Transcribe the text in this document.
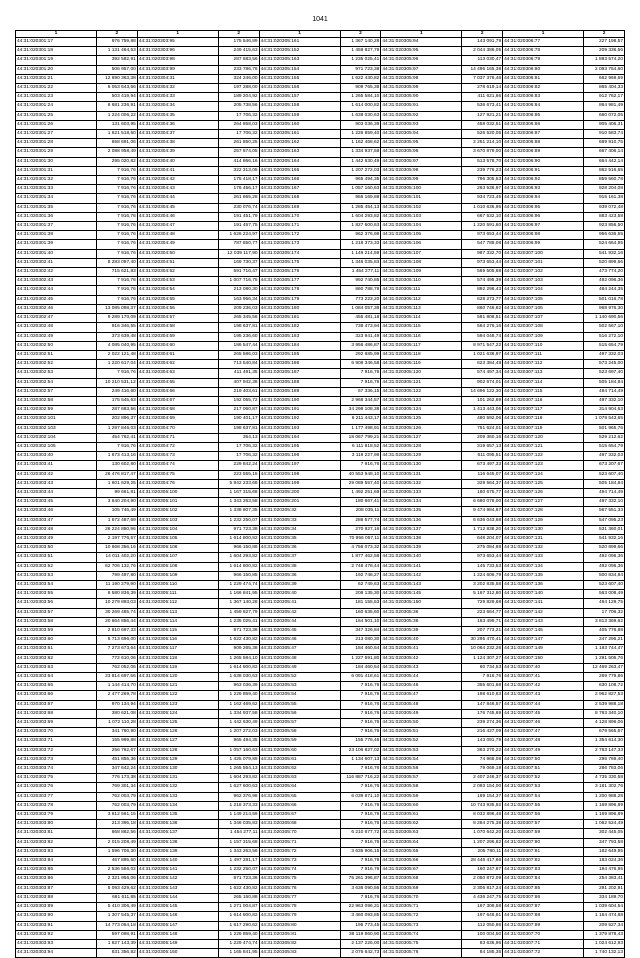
1041
1	2	1	2	1	2	1	2	1	2
44:31:020301:17	976 759,88	44:31:020303:95	175 546,89	44:31:020305:161	1 367 140,28	44:31:020305:94	143 091,79	44:31:020306:77	227 198,57
44:31:020301:18	1 131 464,53	44:31:020303:96	249 415,63	44:31:020305:152	1 459 827,79	44:31:020305:95	2 044 386,05	44:31:020306:78	209 336,56
44:31:020301:19	392 582,91	44:31:020303:98	287 683,56	44:31:020305:163	1 235 025,41	44:31:020305:96	113 030,47	44:31:020306:79	1 893 574,20
44:31:020301:20	506 957,00	44:31:020303:99	233 786,76	44:31:020305:154	971 723,38	44:31:020305:97	14 496 165,38	44:31:020306:80	2 093 754,60
44:31:020301:21	12 690 363,38	44:31:020304:31	324 246,00	44:31:020305:155	1 622 430,82	44:31:020305:98	7 037 376,46	44:31:020306:81	662 969,69
44:31:020301:22	6 053 643,56	44:31:020304:32	197 288,00	44:31:020305:156	909 765,38	44:31:020305:99	278 619,14	44:31:020306:82	865 404,33
44:31:020301:23	503 419,94	44:31:020304:33	189 204,92	44:31:020305:157	1 265 584,10	44:31:020305:90	411 621,66	44:31:020306:83	912 762,17
44:31:020301:24	6 681 236,91	44:31:020304:34	205 738,56	44:31:020305:158	1 614 000,82	44:31:020305:91	536 673,41	44:31:020306:84	864 981,49
44:31:020301:25	1 224 006,22	44:31:020304:35	17 706,32	44:31:020305:159	1 638 030,63	44:31:020305:92	127 921,21	44:31:020306:85	660 072,05
44:31:020301:26	131 603,95	44:31:020304:36	264 858,03	44:31:020305:160	903 036,39	44:31:020305:93	458 032,51	44:31:020306:86	905 406,31
44:31:020301:27	1 621 518,50	44:31:020304:37	17 706,32	44:31:020305:161	1 226 859,40	44:31:020305:94	526 520,05	44:31:020306:87	910 583,74
44:31:020301:28	658 691,06	44:31:020304:38	261 850,25	44:31:020305:162	1 162 468,62	44:31:020305:95	2 251 214,10	44:31:020306:88	689 910,75
44:31:020301:29	2 088 958,49	44:31:020304:39	257 674,05	44:31:020305:163	1 334 937,58	44:31:020305:96	3 670 879,00	44:31:020306:89	667 406,14
44:31:020301:30	295 020,82	44:31:020304:40	414 866,16	44:31:020305:164	1 442 630,49	44:31:020305:97	513 578,70	44:31:020306:90	664 442,14
44:31:020301:31	7 916,76	44:31:020304:41	322 313,05	44:31:020305:165	1 207 272,03	44:31:020305:98	239 776,23	44:31:020306:91	862 516,65
44:31:020301:32	7 916,76	44:31:020304:42	175 418,17	44:31:020305:166	965 494,35	44:31:020305:99	796 305,53	44:31:020306:92	859 560,78
44:31:020301:33	7 916,76	44:31:020304:43	176 456,17	44:31:020305:167	1 057 160,63	44:31:020305:100	263 536,97	44:31:020306:93	928 204,08
44:31:020301:34	7 916,76	44:31:020304:44	261 865,28	44:31:020305:168	956 169,88	44:31:020305:101	934 723,45	44:31:020306:94	915 161,38
44:31:020301:35	7 916,76	44:31:020304:45	230 076,74	44:31:020305:169	1 285 454,13	44:31:020305:102	1 010 636,95	44:31:020306:95	939 072,48
44:31:020301:36	7 916,76	44:31:020304:46	191 451,79	44:31:020305:170	1 604 293,82	44:31:020305:103	667 532,10	44:31:020306:96	883 423,58
44:31:020301:37	7 916,76	44:31:020304:47	191 457,75	44:31:020305:171	1 827 600,63	44:31:020305:104	1 220 591,60	44:31:020306:97	923 856,50
44:31:020301:38	7 916,76	44:31:020304:48	1 626 224,97	44:31:020305:172	962 376,98	44:31:020305:105	973 653,44	44:31:020306:98	956 636,55
44:31:020301:39	7 916,76	44:31:020304:49	787 850,77	44:31:020305:173	1 218 373,33	44:31:020305:106	547 788,08	44:31:020306:99	524 664,95
44:31:020301:40	7 916,76	44:31:020304:50	12 039 117,90	44:31:020305:174	1 149 214,59	44:31:020305:107	987 332,70	44:31:020307:100	541 932,16
44:31:020302:41	8 283 097,40	44:31:020304:51	169 730,37	44:31:020305:175	1 346 035,83	44:31:020305:108	973 653,44	44:31:020307:101	520 899,66
44:31:020302:42	715 621,83	44:31:020304:52	591 716,47	44:31:020305:176	1 454 277,11	44:31:020305:109	569 505,68	44:31:020307:102	473 774,20
44:31:020302:43	7 916,76	44:31:020304:53	1 007 716,75	44:31:020305:177	992 740,85	44:31:020305:110	574 495,39	44:31:020307:103	492 096,36
44:31:020302:44	7 916,76	44:31:020304:54	213 080,30	44:31:020305:178	860 788,78	44:31:020305:111	892 298,43	44:31:020307:104	484 244,35
44:31:020302:45	7 916,76	44:31:020304:55	163 956,34	44:31:020305:179	773 223,20	44:31:020305:112	628 273,77	44:31:020307:105	501 016,78
44:31:020302:46	13 085 098,37	44:31:020304:56	209 236,03	44:31:020305:180	1 084 057,38	44:31:020305:113	860 746,82	44:31:020307:106	968 976,30
44:31:020302:47	9 289 170,09	44:31:020304:57	265 345,56	44:31:020305:181	455 481,18	44:31:020305:114	581 808,51	44:31:020307:107	1 140 690,56
44:31:020302:48	916 346,55	44:31:020304:58	198 637,81	44:31:020305:182	738 473,94	44:31:020305:115	564 276,16	44:31:020307:108	502 567,10
44:31:020302:49	373 639,48	44:31:020304:59	195 236,60	44:31:020305:183	323 941,49	44:31:020305:116	594 048,74	44:31:020307:109	516 272,10
44:31:020302:50	4 085 040,95	44:31:020304:60	186 547,44	44:31:020305:184	3 956 486,87	44:31:020305:117	8 971 547,22	44:31:020307:110	515 654,79
44:31:020302:51	2 022 121,48	44:31:020304:61	265 586,03	44:31:020305:185	292 685,99	44:31:020305:118	1 021 636,97	44:31:020307:111	497 332,03
44:31:020302:52	1 220 617,04	44:31:020304:62	713 540,84	44:31:020305:186	6 908 346,58	44:31:020305:119	623 384,48	44:31:020307:112	573 245,00
44:31:020302:53	7 916,76	44:31:020304:63	411 491,35	44:31:020305:187	7 916,76	44:31:020305:120	574 497,34	44:31:020307:113	523 697,40
44:31:020302:54	10 210 531,12	44:31:020304:65	407 942,38	44:31:020305:188	7 916,76	44:31:020305:121	902 674,01	44:31:020307:114	505 184,84
44:31:020302:57	249 416,60	44:31:020304:66	219 403,61	44:31:020305:189	67 336,15	44:31:020305:122	14 696 122,30	44:31:020307:115	494 714,49
44:31:020302:58	175 545,63	44:31:020304:67	192 055,72	44:31:020305:190	2 968 344,57	44:31:020305:123	101 262,69	44:31:020307:116	497 332,10
44:31:020302:59	287 683,56	44:31:020304:68	217 060,87	44:31:020305:191	34 298 108,38	44:31:020305:124	1 413 443,06	44:31:020307:117	314 904,63
44:31:020302:101	202 896,37	44:31:020304:69	190 401,17	44:31:020305:192	6 211 443,17	44:31:020305:125	480 592,06	44:31:020307:118	1 079 543,65
44:31:020302:103	1 297 846,03	44:31:020304:70	198 637,81	44:31:020305:193	1 177 498,91	44:31:020305:126	751 624,01	44:31:020307:119	501 965,76
44:31:020302:104	454 762,41	44:31:020304:71	354,13	44:31:020305:194	18 067 799,21	44:31:020305:127	209 360,16	44:31:020307:120	529 212,62
44:31:020302:105	7 916,76	44:31:020304:72	17 706,32	44:31:020305:195	6 111 818,52	44:31:020305:128	319 657,13	44:31:020307:121	515 654,79
44:31:020303:40	1 673 413,16	44:31:020304:73	17 706,32	44:31:020305:196	3 119 227,96	44:31:020305:129	611 095,51	44:31:020307:122	497 332,03
44:31:020303:41	130 602,80	44:31:020304:74	229 842,24	44:31:020305:197	7 916,76	44:31:020305:130	673 497,33	44:31:020307:123	673 207,67
44:31:020303:42	26 476 817,47	44:31:020304:75	223 555,15	44:31:020305:198	40 553 948,10	44:31:020305:131	116 645,07	44:31:020307:124	523 607,40
44:31:020303:43	1 601 629,25	44:31:020304:76	5 842 233,68	44:31:020305:199	29 089 557,40	44:31:020305:132	329 564,37	44:31:020307:125	505 184,84
44:31:020303:44	99 661,81	44:31:020305:100	1 167 315,68	44:31:020305:200	1 492 251,69	44:31:020305:133	180 675,77	44:31:020307:126	494 714,49
44:31:020303:45	3 640 204,90	44:31:020305:101	1 343 263,58	44:31:020305:201	180 667,41	44:31:020305:134	6 680 078,00	44:31:020307:127	497 332,10
44:31:020303:46	105 746,49	44:31:020305:102	1 338 807,35	44:31:020305:32	208 035,11	44:31:020305:135	9 474 984,67	44:31:020307:128	567 551,33
44:31:020303:47	1 672 487,69	44:31:020305:103	1 232 250,07	44:31:020305:33	286 577,74	44:31:020305:136	6 636 043,68	44:31:020307:129	547 095,23
44:31:020303:48	26 224 850,96	44:31:020305:104	971 723,38	44:31:020305:34	270 827,16	44:31:020305:137	1 712 838,20	44:31:020307:130	531 360,01
44:31:020303:49	2 197 776,57	44:31:020305:105	1 614 800,82	44:31:020305:35	70 956 057,11	44:31:020305:138	648 204,07	44:31:020307:131	541 932,16
44:31:020303:50	10 668 356,16	44:31:020305:106	966 150,88	44:31:020305:36	4 756 073,32	44:31:020305:139	275 084,88	44:31:020307:132	520 899,66
44:31:020303:51	14 011 402,20	44:31:020305:107	1 604 293,82	44:31:020305:37	1 877 462,58	44:31:020305:140	973 653,44	44:31:020307:133	492 096,36
44:31:020303:52	62 706 132,76	44:31:020305:108	1 614 800,82	44:31:020305:38	2 748 478,44	44:31:020305:141	145 733,53	44:31:020307:134	492 096,36
44:31:020303:53	799 497,80	44:31:020305:109	966 150,85	44:31:020305:36	192 748,27	44:31:020305:142	1 224 606,79	44:31:020307:135	500 834,84
44:31:020303:54	11 190 279,90	44:31:020305:110	1 229 474,74	44:31:020305:39	62 749,63	44:31:020305:143	3 202 835,58	44:31:020307:136	523 607,40
44:31:020303:55	6 580 836,39	44:31:020305:111	1 166 841,95	44:31:020305:40	208 135,30	44:31:020305:145	5 167 312,80	44:31:020307:140	563 008,49
44:31:020303:56	10 279 893,03	44:31:020305:112	1 367 140,28	44:31:020305:41	181 155,53	44:31:020305:150	729 829,68	44:31:020307:141	494 129,75
44:31:020303:57	30 269 465,74	44:31:020305:113	1 459 827,79	44:31:020305:42	160 635,60	44:31:020305:36	223 664,77	44:31:020307:142	17 706,32
44:31:020303:58	20 664 856,44	44:31:020305:114	1 235 025,41	44:31:020305:44	164 501,10	44:31:020305:38	163 499,71	44:31:020307:143	3 813 369,62
44:31:020303:59	2 810 697,33	44:31:020305:115	971 723,38	44:31:020305:45	347 326,84	44:31:020305:39	207 773,21	44:31:020307:145	405 776,88
44:31:020303:60	6 713 696,00	44:31:020305:116	1 622 430,82	44:31:020305:46	213 080,30	44:31:020305:40	30 295 470,41	44:31:020307:147	247 296,21
44:31:020303:61	7 273 673,64	44:31:020305:117	909 265,38	44:31:020305:47	184 460,54	44:31:020305:41	10 064 232,26	44:31:020307:149	1 193 744,47
44:31:020303:62	772 610,06	44:31:020305:118	1 265 584,10	44:31:020305:48	1 227 591,80	44:31:020305:42	1 124 307,27	44:31:020307:150	1 291 505,76
44:31:020303:63	762 052,06	44:31:020305:119	1 614 800,82	44:31:020305:49	184 460,54	44:31:020305:43	60 734,53	44:31:020307:40	12 469 263,47
44:31:020303:64	23 814 697,56	44:31:020305:120	1 638 030,63	44:31:020305:52	6 091 418,61	44:31:020305:44	7 916,76	44:31:020307:41	269 779,86
44:31:020303:65	1 144 414,70	44:31:020305:121	963 036,39	44:31:020305:53	7 916,76	44:31:020305:46	355 601,68	44:31:020307:42	630 108,72
44:31:020303:66	2 477 269,78	44:31:020305:122	1 226 859,40	44:31:020305:54	7 916,76	44:31:020305:47	198 610,83	44:31:020307:43	2 962 827,53
44:31:020303:67	970 134,94	44:31:020305:123	1 162 469,62	44:31:020305:55	7 916,76	44:31:020305:48	147 846,57	44:31:020307:44	2 539 988,18
44:31:020303:68	380 621,08	44:31:020305:124	1 334 937,58	44:31:020305:56	7 916,76	44:31:020305:49	176 745,69	44:31:020307:45	8 793 340,10
44:31:020303:69	1 072 110,28	44:31:020305:125	1 442 630,49	44:31:020305:57	7 916,76	44:31:020305:50	239 274,36	44:31:020307:46	4 128 896,06
44:31:020303:70	341 760,90	44:31:020305:126	1 207 272,03	44:31:020305:58	7 916,76	44:31:020305:51	216 427,09	44:31:020307:47	679 565,67
44:31:020303:71	155 999,88	44:31:020305:127	965 494,35	44:31:020305:59	155 776,46	44:31:020305:52	143 091,79	44:31:020307:48	1 354 614,30
44:31:020303:72	256 762,67	44:31:020305:128	1 057 160,63	44:31:020305:60	23 106 827,02	44:31:020305:53	363 270,22	44:31:020307:49	2 763 147,33
44:31:020303:73	451 855,36	44:31:020305:129	1 425 079,89	44:31:020305:61	1 134 607,13	44:31:020305:54	74 968,08	44:31:020307:50	295 769,40
44:31:020303:74	347 642,24	44:31:020305:130	1 265 554,13	44:31:020305:62	7 916,76	44:31:020305:56	79 069,19	44:31:020307:51	286 783,06
44:31:020303:75	776 173,38	44:31:020305:131	1 604 293,82	44:31:020305:63	116 887 716,22	44:31:020305:57	2 407 246,37	44:31:020307:52	4 735 330,58
44:31:020303:76	769 301,34	44:31:020305:132	1 627 600,63	44:31:020305:64	7 916,76	44:31:020305:58	2 093 154,00	44:31:020307:53	3 181 302,76
44:31:020303:77	762 003,79	44:31:020305:133	962 376,98	44:31:020305:65	6 039 871,10	44:31:020305:59	169 154,37	44:31:020307:54	1 200 988,28
44:31:020303:78	762 003,79	44:31:020305:134	1 218 373,33	44:31:020305:66	7 916,76	44:31:020305:60	10 743 935,92	44:31:020307:55	1 169 896,89
44:31:020303:79	3 612 561,15	44:31:020305:135	1 149 214,59	44:31:020305:67	7 916,76	44:31:020305:61	8 032 896,48	44:31:020307:56	1 169 896,89
44:31:020303:80	213 395,18	44:31:020305:136	1 346 035,83	44:31:020305:68	7 916,76	44:31:020305:62	8 284 275,38	44:31:020307:57	1 062 524,49
44:31:020303:81	868 862,56	44:31:020305:137	1 454 277,11	44:31:020305:70	6 210 677,72	44:31:020305:63	1 070 642,20	44:31:020307:59	302 445,05
44:31:020303:82	2 015 208,49	44:31:020305:138	1 157 315,68	44:31:020305:71	7 916,76	44:31:020305:64	1 207 296,82	44:31:020307:80	347 793,58
44:31:020303:83	1 596 706,30	44:31:020305:139	1 343 263,58	44:31:020305:72	3 635 906,15	44:31:020305:65	205 780,11	44:31:020307:81	182 649,95
44:31:020303:84	467 895,50	44:31:020305:140	1 497 281,17	44:31:020305:73	7 916,76	44:31:020305:66	28 446 417,66	44:31:020307:82	183 024,36
44:31:020303:85	2 536 556,02	44:31:020305:141	1 232 250,07	44:31:020305:74	7 916,76	44:31:020305:67	160 247,87	44:31:020307:83	194 476,95
44:31:020303:86	2 321 956,06	44:31:020305:142	971 723,38	44:31:020305:75	75 261 396,87	44:31:020305:68	2 050 872,09	44:31:020307:84	254 383,41
44:31:020303:87	5 093 429,62	44:31:020305:143	1 622 430,82	44:31:020305:76	3 636 090,56	44:31:020305:69	2 305 817,24	44:31:020307:85	291 202,91
44:31:020303:88	661 611,85	44:31:020305:144	265 150,88	44:31:020305:77	7 916,76	44:31:020305:70	4 436 247,75	44:31:020307:86	334 189,70
44:31:020303:89	5 410 306,49	44:31:020305:145	1 271 004,87	44:31:020305:78	22 963 096,31	44:31:020305:71	167 308,58	44:31:020307:87	1 039 604,54
44:31:020303:90	1 307 545,37	44:31:020305:146	1 614 800,82	44:31:020305:79	3 460 093,85	44:31:020305:72	197 646,81	44:31:020307:88	1 164 474,68
44:31:020303:91	14 773 064,18	44:31:020305:147	1 617 290,62	44:31:020305:80	195 773,45	44:31:020305:73	112 050,86	44:31:020307:89	209 527,34
44:31:020303:92	597 098,91	44:31:020305:148	1 226 859,40	44:31:020305:81	38 119 860,90	44:31:020305:74	100 004,50	44:31:020307:70	1 379 878,43
44:31:020303:93	1 827 143,39	44:31:020305:149	1 229 474,74	44:31:020305:82	2 137 226,00	44:31:020305:75	83 636,96	44:31:020307:71	1 024 612,93
44:31:020303:94	831 356,82	44:31:020305:150	1 165 841,95	44:31:020305:83	2 076 642,73	44:31:020305:76	84 185,35	44:31:020307:72	1 740 132,13
